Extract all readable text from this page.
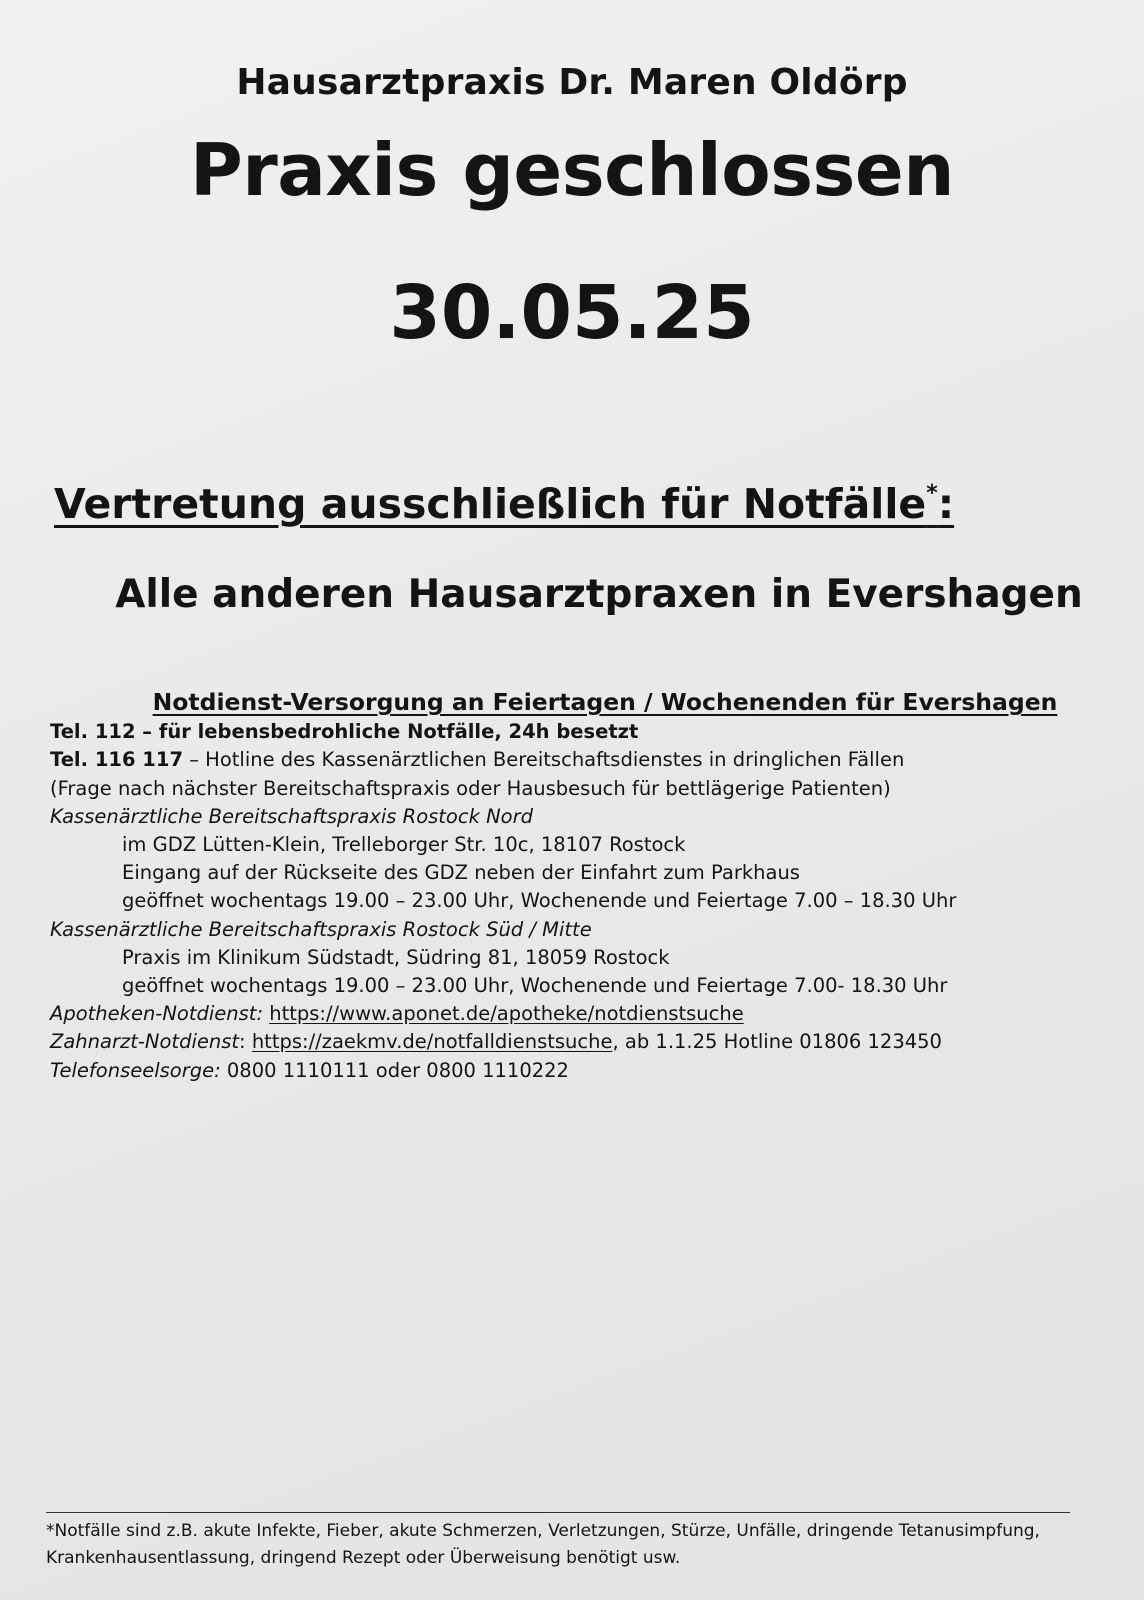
Hausarztpraxis Dr. Maren Oldörp
Praxis geschlossen
30.05.25
Vertretung ausschließlich für Notfälle*:
Alle anderen Hausarztpraxen in Evershagen
Notdienst-Versorgung an Feiertagen / Wochenenden für Evershagen
Tel. 112 – für lebensbedrohliche Notfälle, 24h besetzt
Tel. 116 117 – Hotline des Kassenärztlichen Bereitschaftsdienstes in dringlichen Fällen
(Frage nach nächster Bereitschaftspraxis oder Hausbesuch für bettlägerige Patienten)
Kassenärztliche Bereitschaftspraxis Rostock Nord
im GDZ Lütten-Klein, Trelleborger Str. 10c, 18107 Rostock
Eingang auf der Rückseite des GDZ neben der Einfahrt zum Parkhaus
geöffnet wochentags 19.00 – 23.00 Uhr, Wochenende und Feiertage 7.00 – 18.30 Uhr
Kassenärztliche Bereitschaftspraxis Rostock Süd / Mitte
Praxis im Klinikum Südstadt, Südring 81, 18059 Rostock
geöffnet wochentags 19.00 – 23.00 Uhr, Wochenende und Feiertage 7.00- 18.30 Uhr
Apotheken-Notdienst: https://www.aponet.de/apotheke/notdienstsuche
Zahnarzt-Notdienst: https://zaekmv.de/notfalldienstsuche, ab 1.1.25 Hotline 01806 123450
Telefonseelsorge: 0800 1110111 oder 0800 1110222
*Notfälle sind z.B. akute Infekte, Fieber, akute Schmerzen, Verletzungen, Stürze, Unfälle, dringende Tetanusimpfung,
Krankenhausentlassung, dringend Rezept oder Überweisung benötigt usw.
